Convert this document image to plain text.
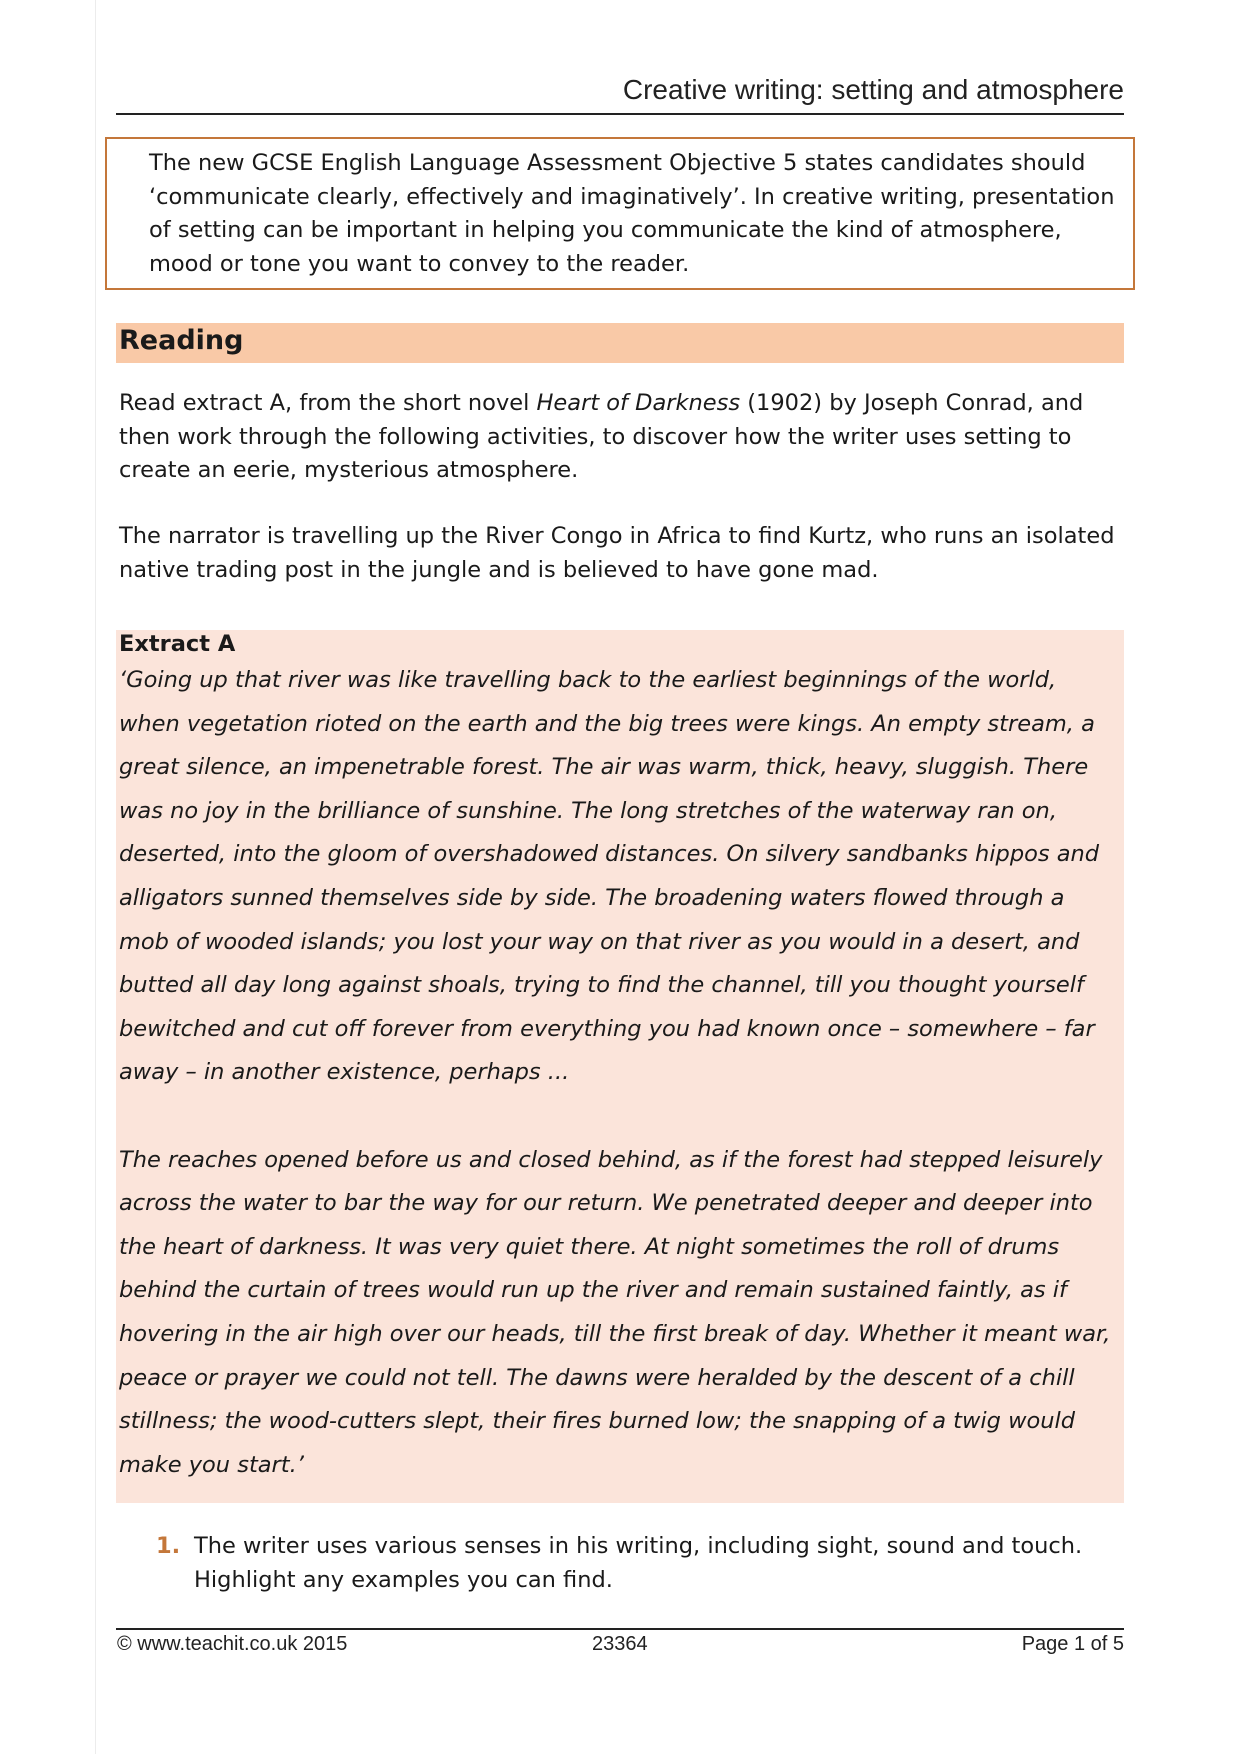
Creative writing: setting and atmosphere

The new GCSE English Language Assessment Objective 5 states candidates should ‘communicate clearly, effectively and imaginatively’. In creative writing, presentation of setting can be important in helping you communicate the kind of atmosphere, mood or tone you want to convey to the reader.

Reading

Read extract A, from the short novel Heart of Darkness (1902) by Joseph Conrad, and then work through the following activities, to discover how the writer uses setting to create an eerie, mysterious atmosphere.

The narrator is travelling up the River Congo in Africa to find Kurtz, who runs an isolated native trading post in the jungle and is believed to have gone mad.

Extract A

‘Going up that river was like travelling back to the earliest beginnings of the world, when vegetation rioted on the earth and the big trees were kings. An empty stream, a great silence, an impenetrable forest. The air was warm, thick, heavy, sluggish. There was no joy in the brilliance of sunshine. The long stretches of the waterway ran on, deserted, into the gloom of overshadowed distances. On silvery sandbanks hippos and alligators sunned themselves side by side. The broadening waters flowed through a mob of wooded islands; you lost your way on that river as you would in a desert, and butted all day long against shoals, trying to find the channel, till you thought yourself bewitched and cut off forever from everything you had known once – somewhere – far away – in another existence, perhaps ...

The reaches opened before us and closed behind, as if the forest had stepped leisurely across the water to bar the way for our return. We penetrated deeper and deeper into the heart of darkness. It was very quiet there. At night sometimes the roll of drums behind the curtain of trees would run up the river and remain sustained faintly, as if hovering in the air high over our heads, till the first break of day. Whether it meant war, peace or prayer we could not tell. The dawns were heralded by the descent of a chill stillness; the wood-cutters slept, their fires burned low; the snapping of a twig would make you start.’

1. The writer uses various senses in his writing, including sight, sound and touch. Highlight any examples you can find.

© www.teachit.co.uk 2015	23364	Page 1 of 5
